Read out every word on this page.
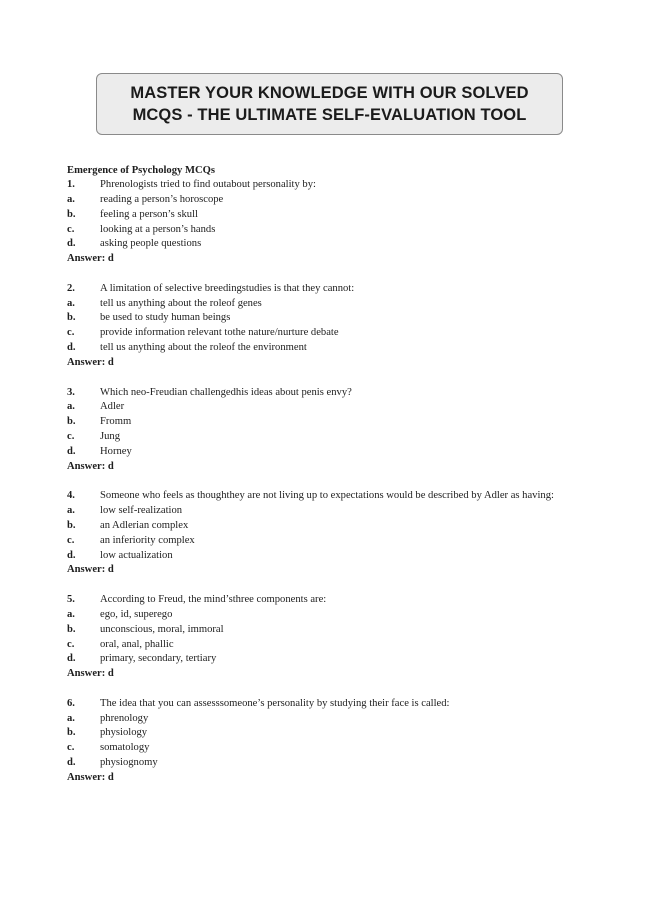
MASTER YOUR KNOWLEDGE WITH OUR SOLVED
MCQS - THE ULTIMATE SELF-EVALUATION TOOL
Emergence of Psychology MCQs
1.	Phrenologists tried to find outabout personality by:
a.	reading a person’s horoscope
b.	feeling a person’s skull
c.	looking at a person’s hands
d.	asking people questions
Answer: d
2.	A limitation of selective breedingstudies is that they cannot:
a.	tell us anything about the roleof genes
b.	be used to study human beings
c.	provide information relevant tothe nature/nurture debate
d.	tell us anything about the roleof the environment
Answer: d
3.	Which neo-Freudian challengedhis ideas about penis envy?
a.	Adler
b.	Fromm
c.	Jung
d.	Horney
Answer: d
4.	Someone who feels as thoughthey are not living up to expectations would be described by Adler as having:
a.	low self-realization
b.	an Adlerian complex
c.	an inferiority complex
d.	low actualization
Answer: d
5.	According to Freud, the mind’sthree components are:
a.	ego, id, superego
b.	unconscious, moral, immoral
c.	oral, anal, phallic
d.	primary, secondary, tertiary
Answer: d
6.	The idea that you can assesssomeone’s personality by studying their face is called:
a.	phrenology
b.	physiology
c.	somatology
d.	physiognomy
Answer: d
